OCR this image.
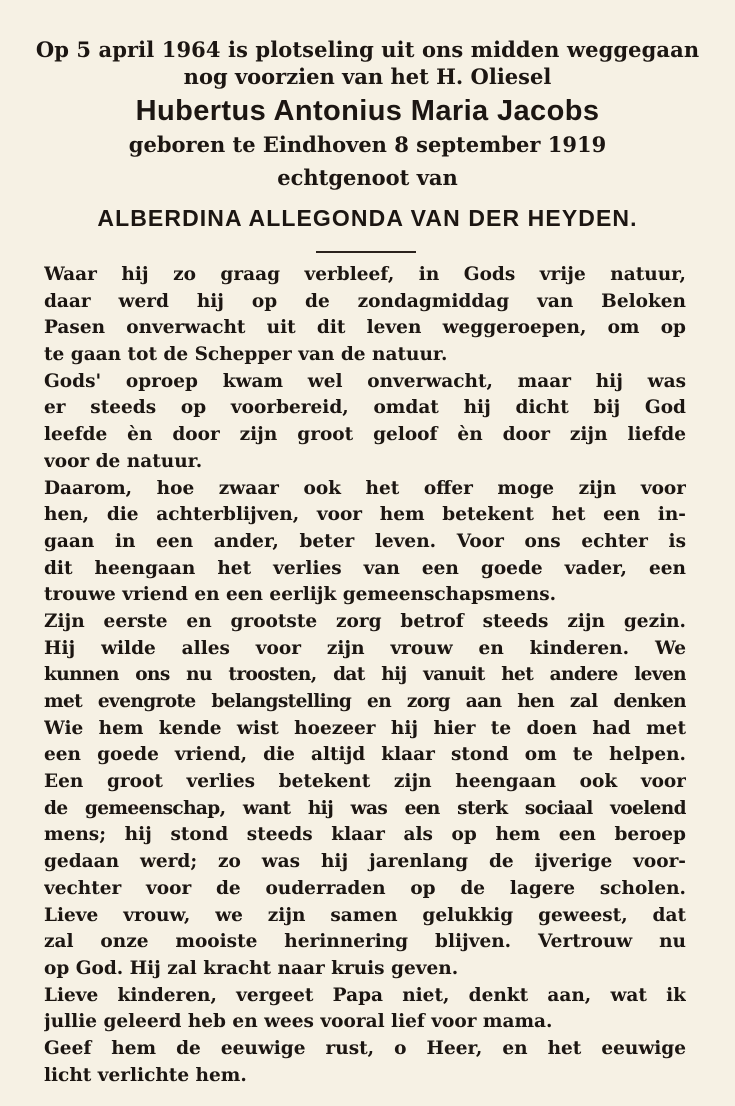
Op 5 april 1964 is plotseling uit ons midden weggegaan
nog voorzien van het H. Oliesel
Hubertus Antonius Maria Jacobs
geboren te Eindhoven 8 september 1919
echtgenoot van
ALBERDINA ALLEGONDA VAN DER HEYDEN.
Waar hij zo graag verbleef, in Gods vrije natuur,
daar werd hij op de zondagmiddag van Beloken
Pasen onverwacht uit dit leven weggeroepen, om op
te gaan tot de Schepper van de natuur.
Gods' oproep kwam wel onverwacht, maar hij was
er steeds op voorbereid, omdat hij dicht bij God
leefde èn door zijn groot geloof èn door zijn liefde
voor de natuur.
Daarom, hoe zwaar ook het offer moge zijn voor
hen, die achterblijven, voor hem betekent het een in-
gaan in een ander, beter leven. Voor ons echter is
dit heengaan het verlies van een goede vader, een
trouwe vriend en een eerlijk gemeenschapsmens.
Zijn eerste en grootste zorg betrof steeds zijn gezin.
Hij wilde alles voor zijn vrouw en kinderen. We
kunnen ons nu troosten, dat hij vanuit het andere leven
met evengrote belangstelling en zorg aan hen zal denken
Wie hem kende wist hoezeer hij hier te doen had met
een goede vriend, die altijd klaar stond om te helpen.
Een groot verlies betekent zijn heengaan ook voor
de gemeenschap, want hij was een sterk sociaal voelend
mens; hij stond steeds klaar als op hem een beroep
gedaan werd; zo was hij jarenlang de ijverige voor-
vechter voor de ouderraden op de lagere scholen.
Lieve vrouw, we zijn samen gelukkig geweest, dat
zal onze mooiste herinnering blijven. Vertrouw nu
op God. Hij zal kracht naar kruis geven.
Lieve kinderen, vergeet Papa niet, denkt aan, wat ik
jullie geleerd heb en wees vooral lief voor mama.
Geef hem de eeuwige rust, o Heer, en het eeuwige
licht verlichte hem.
